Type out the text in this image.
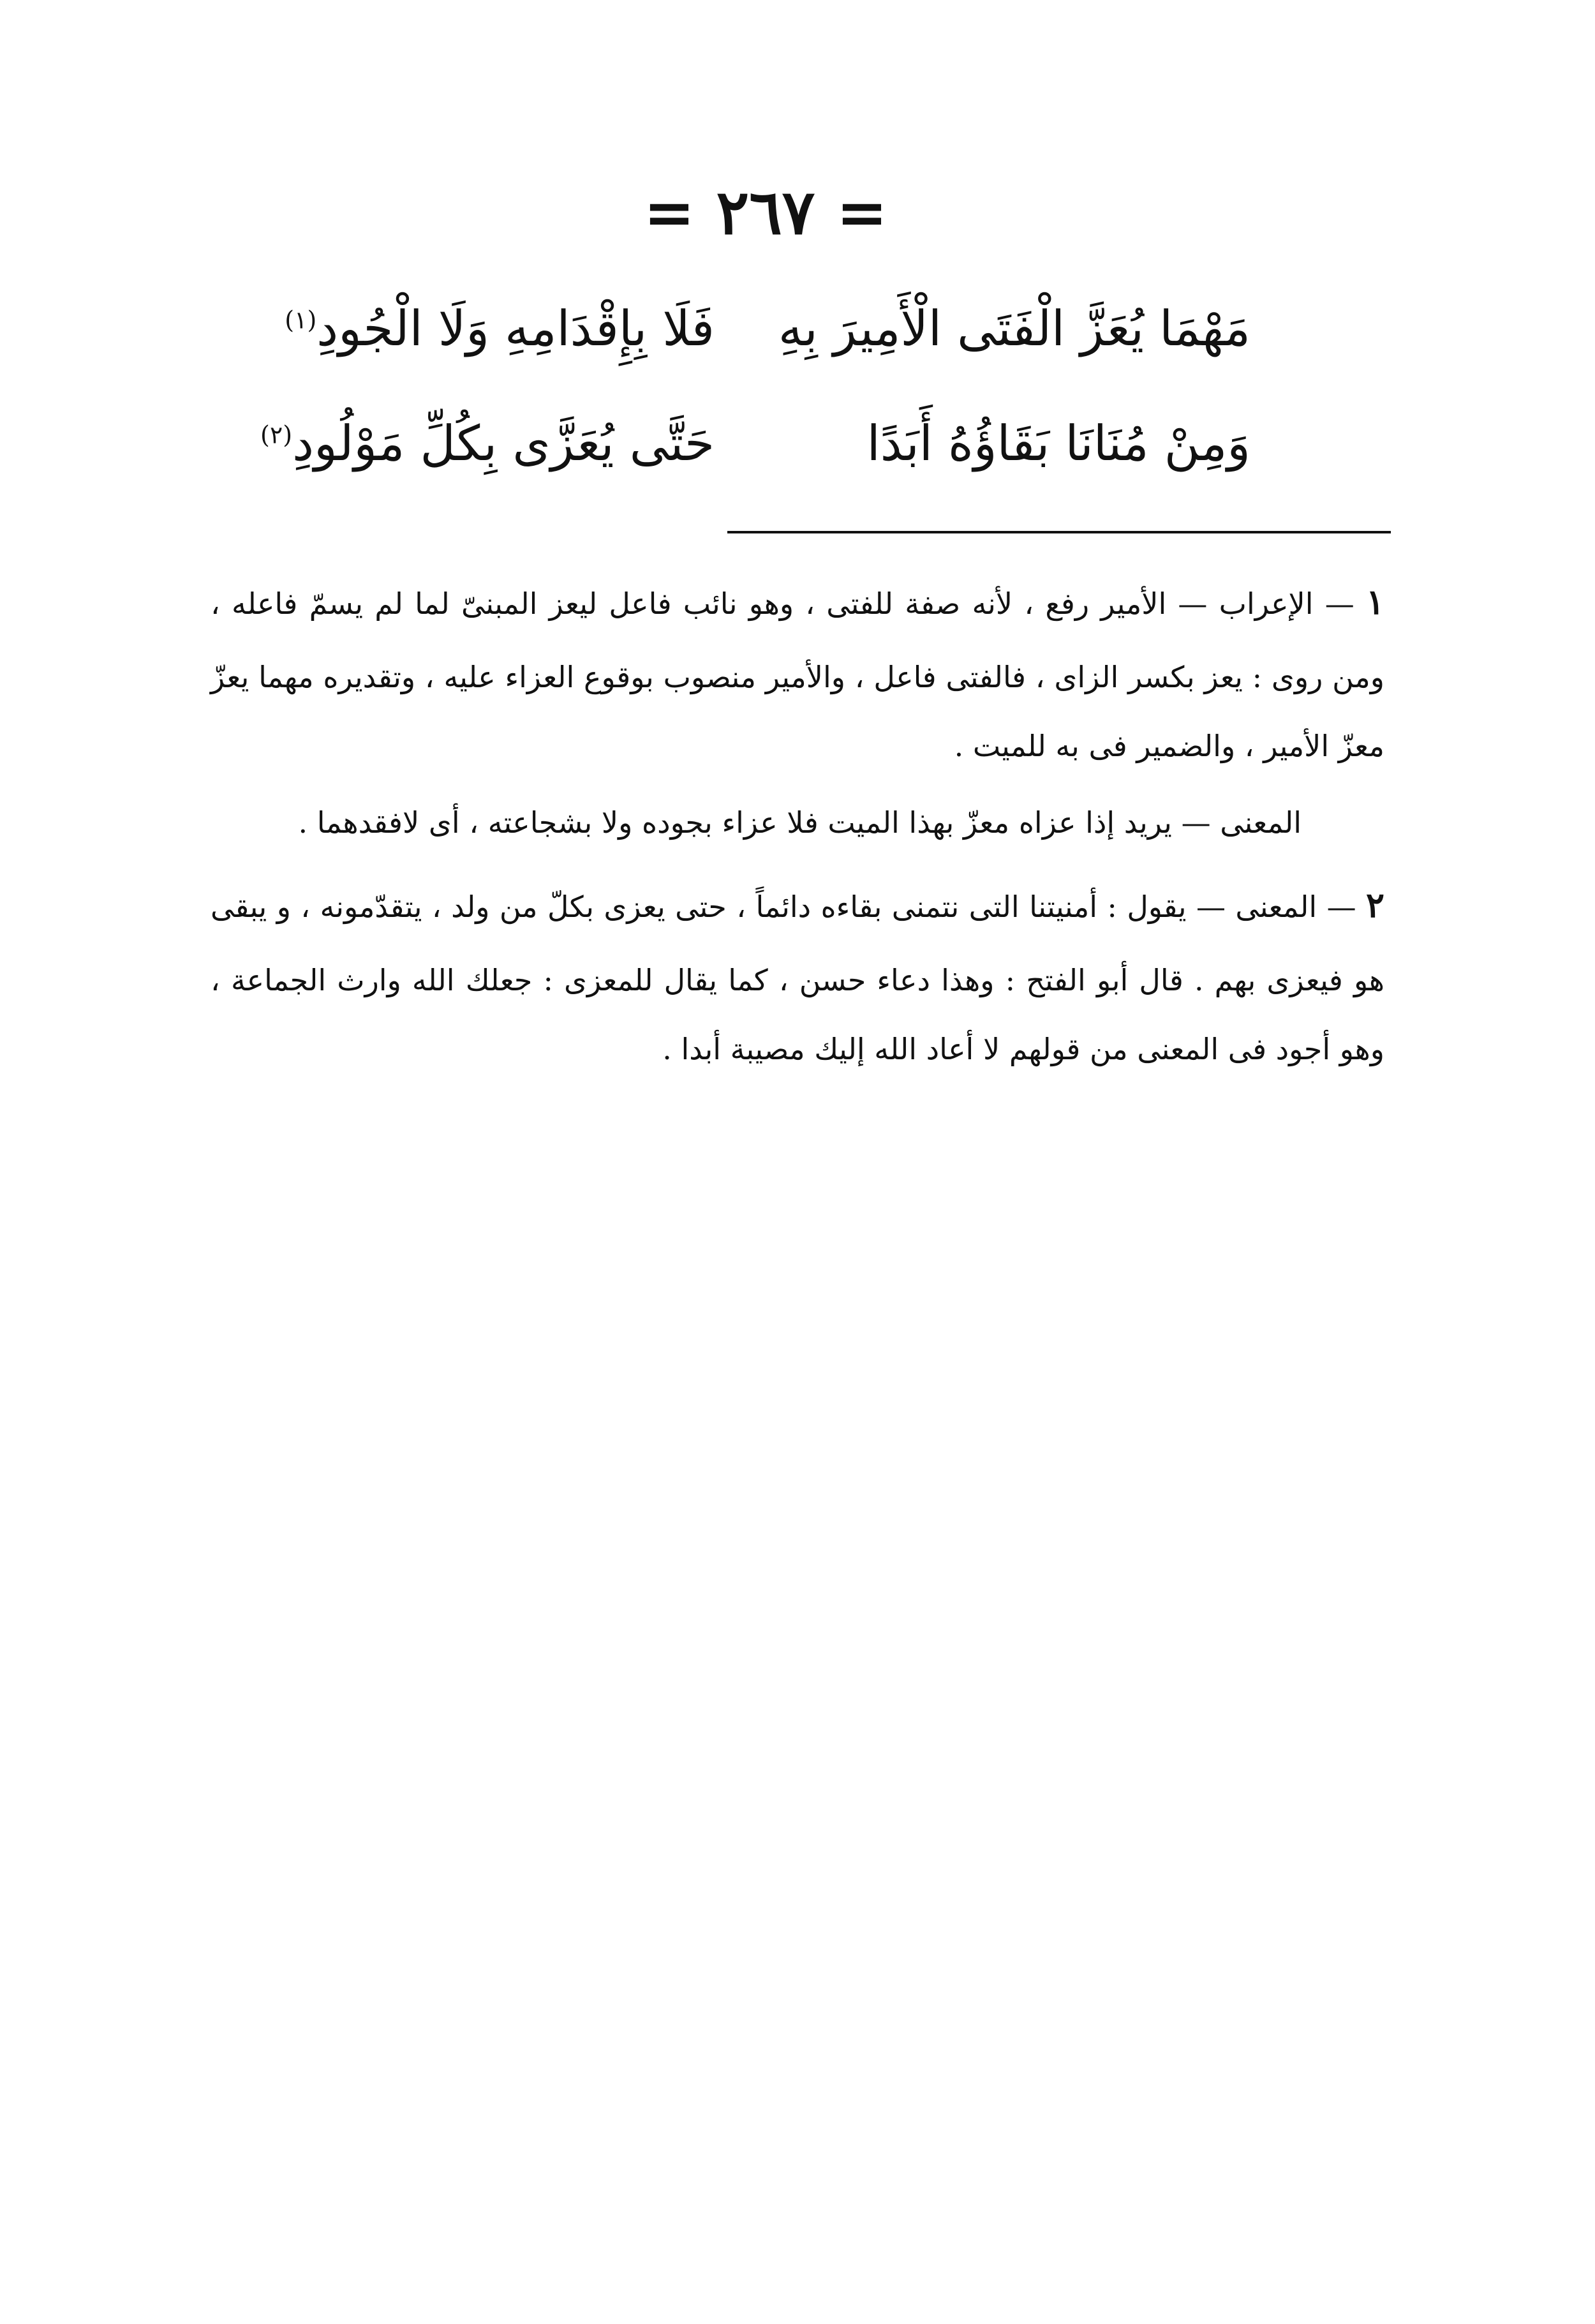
= ٢٦٧ =
مَهْمَا يُعَزَّ الْفَتَى الْأَمِيرَ بِهِ
فَلَا بِإِقْدَامِهِ وَلَا الْجُودِ$^{(١)}$
وَمِنْ مُنَانَا بَقَاؤُهُ أَبَدًا
حَتَّى يُعَزَّى بِكُلِّ مَوْلُودِ$^{(٢)}$

١ — الإعراب — الأمير رفع ، لأنه صفة للفتى ، وهو نائب فاعل ليعز المبنىّ لما لم يسمّ فاعله ، ومن روى : يعز بكسر الزاى ، فالفتى فاعل ، والأمير منصوب بوقوع العزاء عليه ، وتقديره مهما يعزّ معزّ الأمير ، والضمير فى به للميت .

المعنى — يريد إذا عزاه معزّ بهذا الميت فلا عزاء بجوده ولا بشجاعته ، أى لافقدهما .

٢ — المعنى — يقول : أمنيتنا التى نتمنى بقاءه دائماً ، حتى يعزى بكلّ من ولد ، يتقدّمونه ، و يبقى هو فيعزى بهم . قال أبو الفتح : وهذا دعاء حسن ، كما يقال للمعزى : جعلك الله وارث الجماعة ، وهو أجود فى المعنى من قولهم لا أعاد الله إليك مصيبة أبدا .
